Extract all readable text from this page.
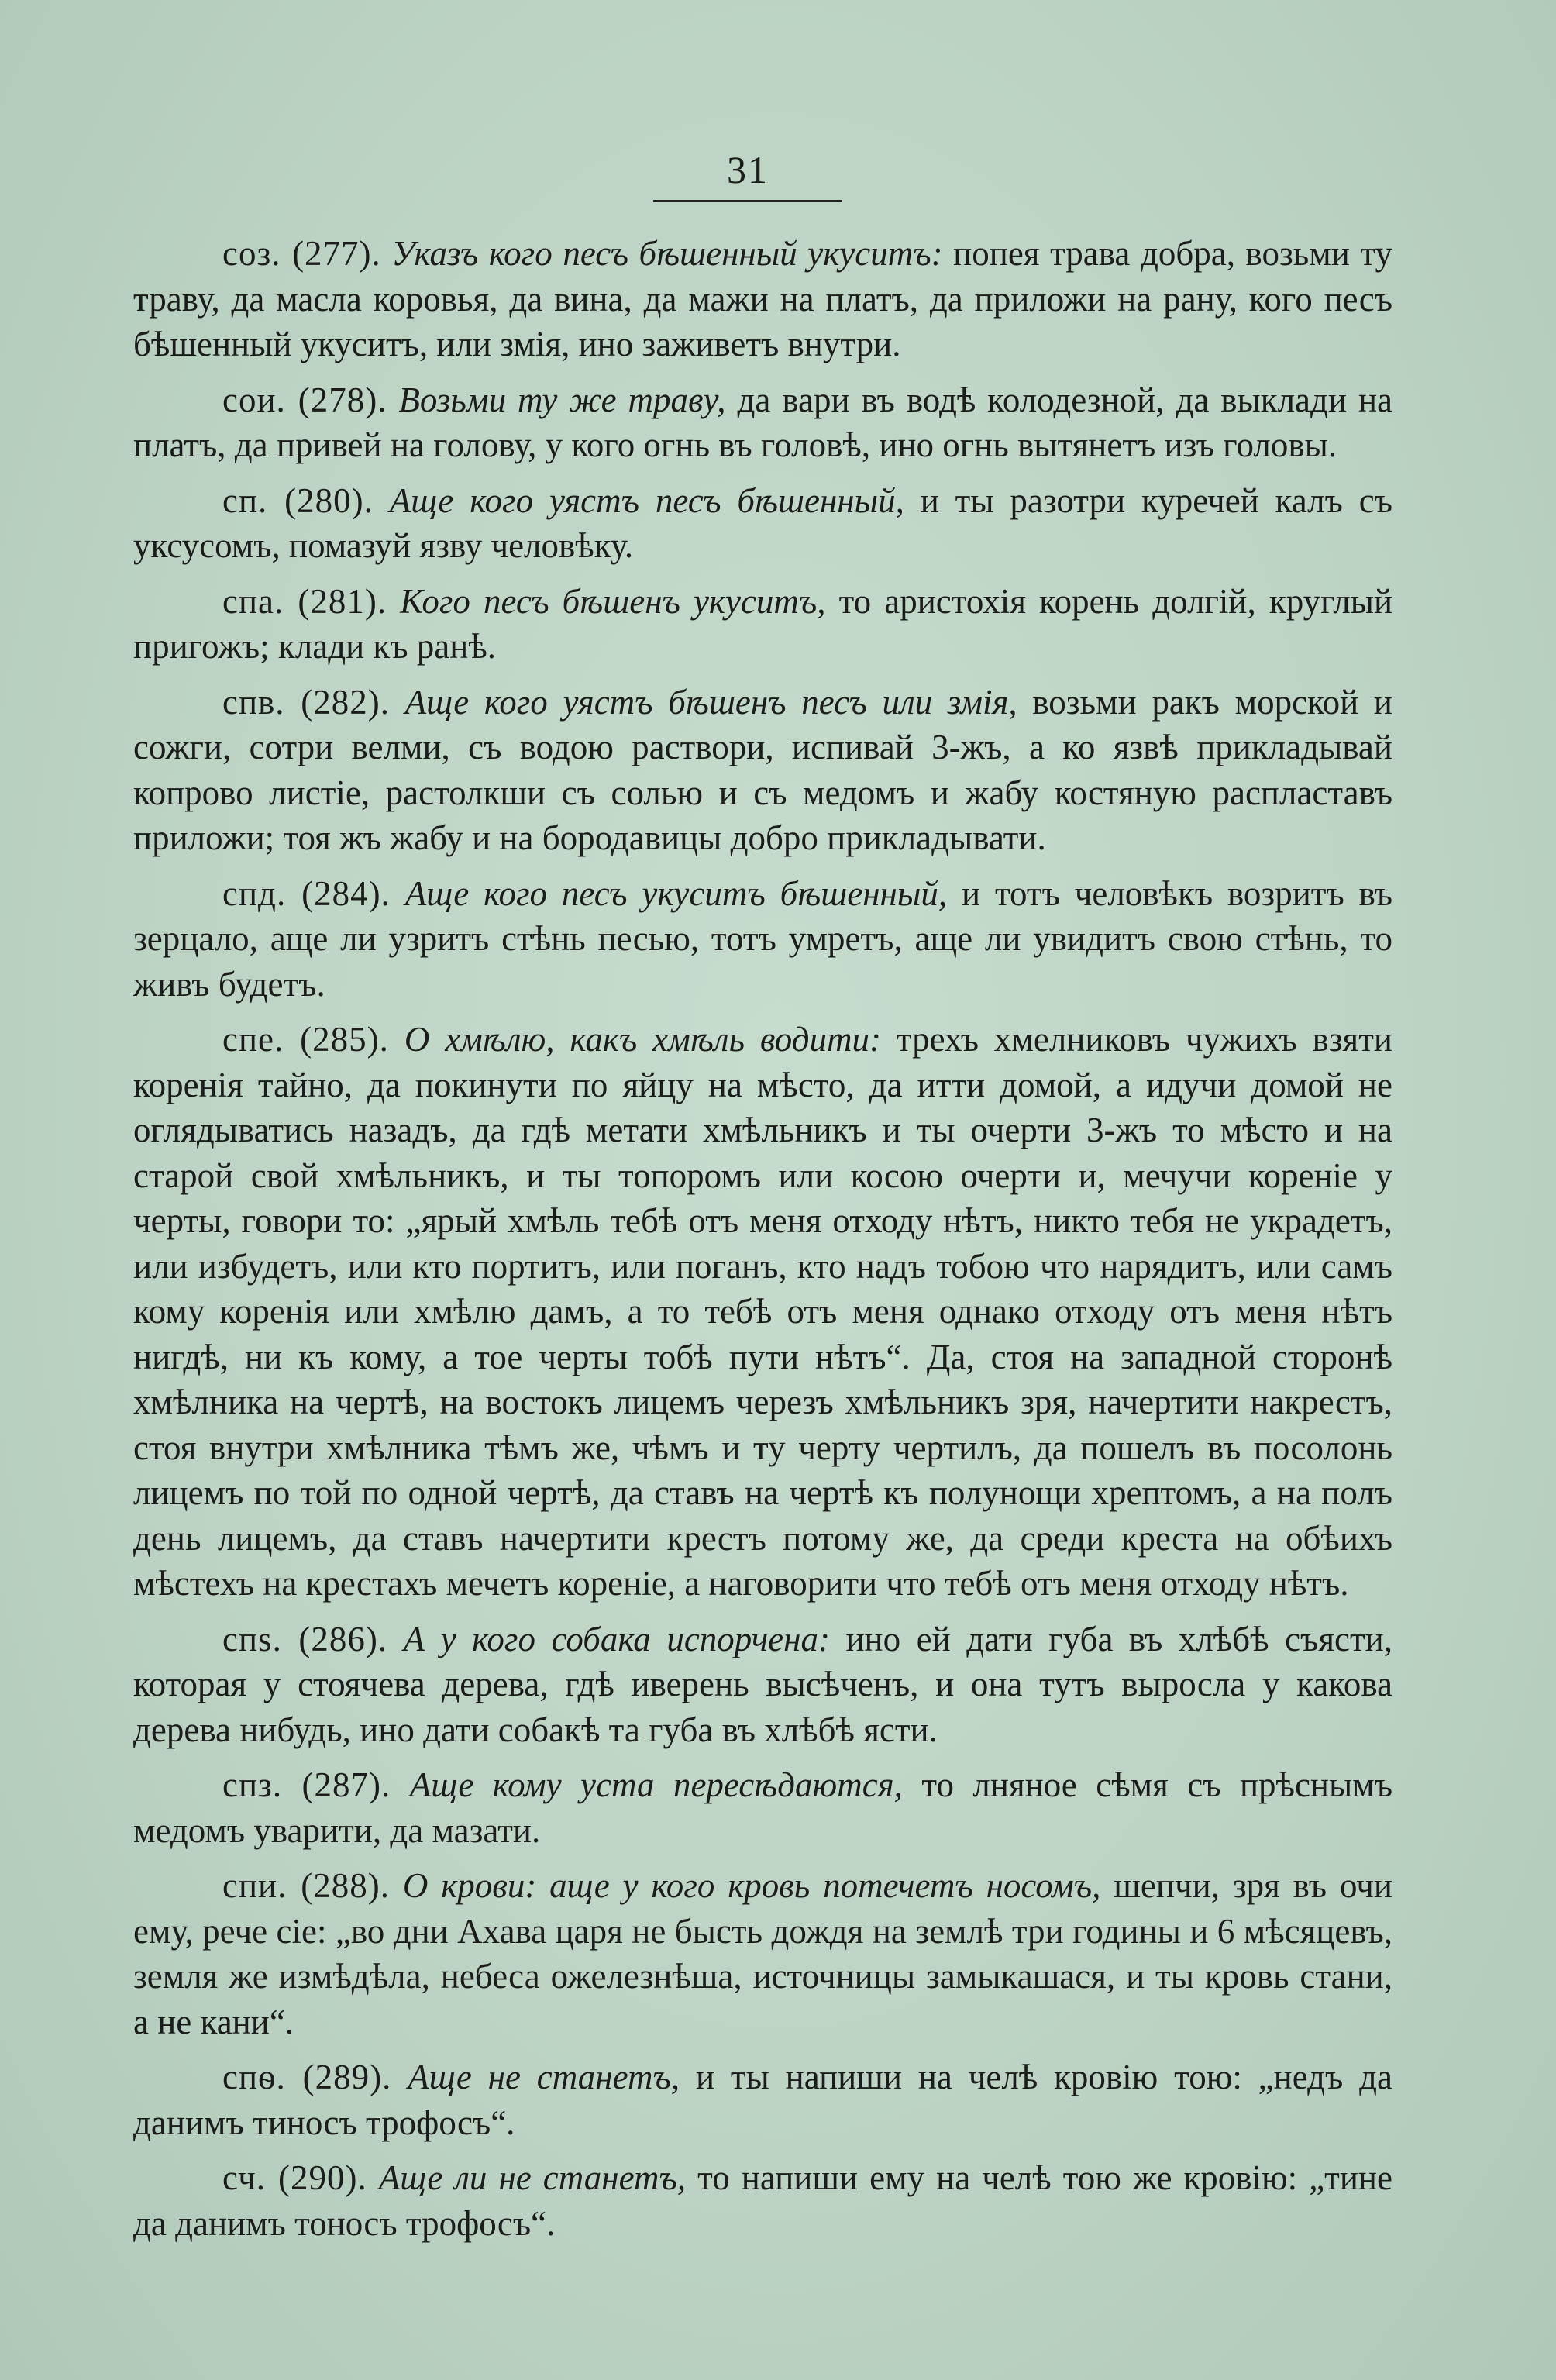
31

соз. (277). Указъ кого песъ бѣшенный укуситъ: попея трава добра, возьми ту траву, да масла коровья, да вина, да мажи на платъ, да приложи на рану, кого песъ бѣшенный укуситъ, или змія, ино заживетъ внутри.

сои. (278). Возьми ту же траву, да вари въ водѣ колодезной, да выклади на платъ, да привей на голову, у кого огнь въ головѣ, ино огнь вытянетъ изъ головы.

сп. (280). Аще кого уястъ песъ бѣшенный, и ты разотри куречей калъ съ уксусомъ, помазуй язву человѣку.

спа. (281). Кого песъ бѣшенъ укуситъ, то аристохія корень долгій, круглый пригожъ; клади къ ранѣ.

спв. (282). Аще кого уястъ бѣшенъ песъ или змія, возьми ракъ морской и сожги, сотри велми, съ водою раствори, испивай 3-жъ, а ко язвѣ прикладывай копрово листіе, растолкши съ солью и съ медомъ и жабу костяную распластавъ приложи; тоя жъ жабу и на бородавицы добро прикладывати.

спд. (284). Аще кого песъ укуситъ бѣшенный, и тотъ человѣкъ возритъ въ зерцало, аще ли узритъ стѣнь песью, тотъ умретъ, аще ли увидитъ свою стѣнь, то живъ будетъ.

спе. (285). О хмѣлю, какъ хмѣль водити: трехъ хмелниковъ чужихъ взяти коренія тайно, да покинути по яйцу на мѣсто, да итти домой, а идучи домой не оглядыватись назадъ, да гдѣ метати хмѣльникъ и ты очерти 3-жъ то мѣсто и на старой свой хмѣльникъ, и ты топоромъ или косою очерти и, мечучи кореніе у черты, говори то: „ярый хмѣль тебѣ отъ меня отходу нѣтъ, никто тебя не украдетъ, или избудетъ, или кто портитъ, или поганъ, кто надъ тобою что нарядитъ, или самъ кому коренія или хмѣлю дамъ, а то тебѣ отъ меня однако отходу отъ меня нѣтъ нигдѣ, ни къ кому, а тое черты тобѣ пути нѣтъ“. Да, стоя на западной сторонѣ хмѣлника на чертѣ, на востокъ лицемъ черезъ хмѣльникъ зря, начертити накрестъ, стоя внутри хмѣлника тѣмъ же, чѣмъ и ту черту чертилъ, да пошелъ въ посолонь лицемъ по той по одной чертѣ, да ставъ на чертѣ къ полунощи хрептомъ, а на полъ день лицемъ, да ставъ начертити крестъ потому же, да среди креста на обѣихъ мѣстехъ на крестахъ мечетъ кореніе, а наговорити что тебѣ отъ меня отходу нѣтъ.

спѕ. (286). А у кого собака испорчена: ино ей дати губа въ хлѣбѣ съясти, которая у стоячева дерева, гдѣ иверень высѣченъ, и она тутъ выросла у какова дерева нибудь, ино дати собакѣ та губа въ хлѣбѣ ясти.

спз. (287). Аще кому уста пересѣдаются, то лняное сѣмя съ прѣснымъ медомъ уварити, да мазати.

спи. (288). О крови: аще у кого кровь потечетъ носомъ, шепчи, зря въ очи ему, рече сіе: „во дни Ахава царя не бысть дождя на землѣ три годины и 6 мѣсяцевъ, земля же измѣдѣла, небеса ожелезнѣша, источницы замыкашася, и ты кровь стани, а не кани“.

спѳ. (289). Аще не станетъ, и ты напиши на челѣ кровію тою: „недъ да данимъ тиносъ трофосъ“.

сч. (290). Аще ли не станетъ, то напиши ему на челѣ тою же кровію: „тине да данимъ тоносъ трофосъ“.
